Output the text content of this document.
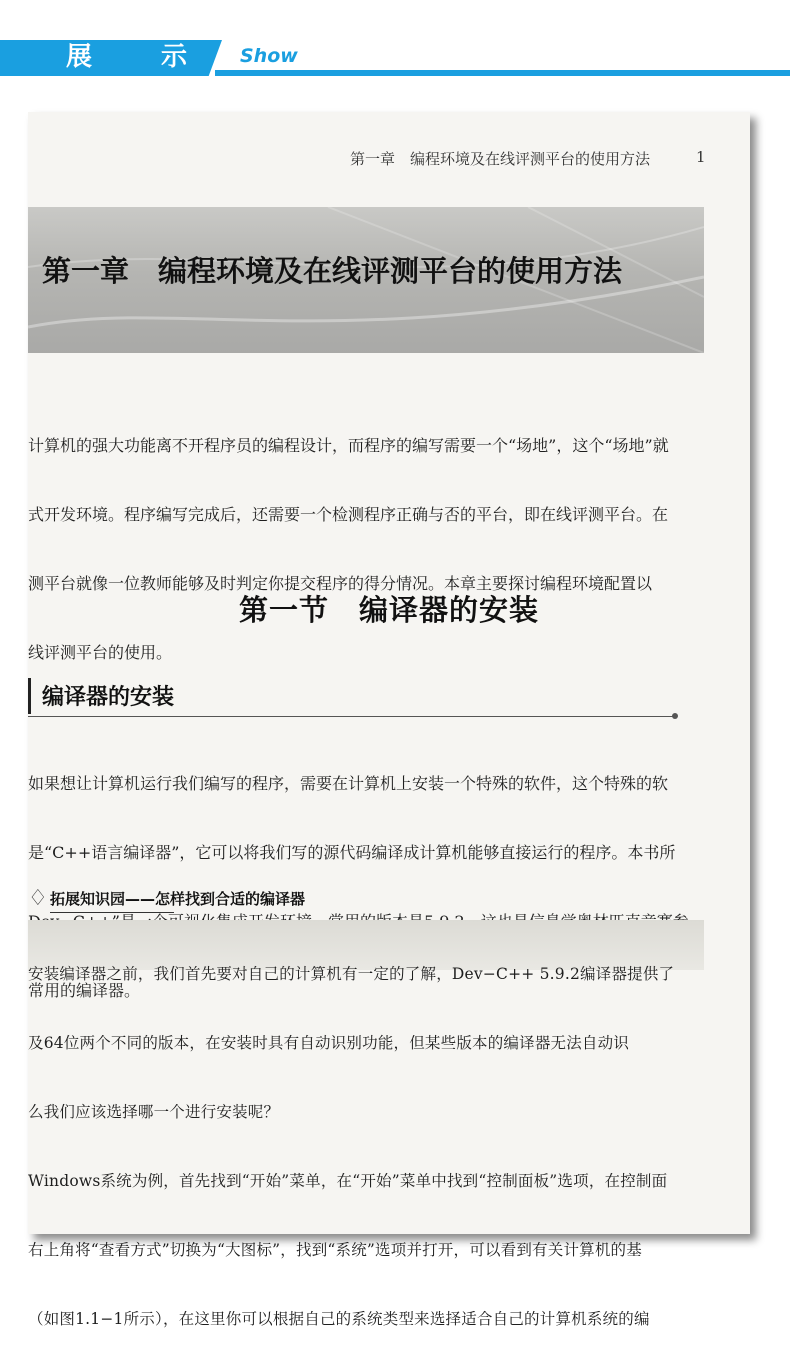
展 示 Show
第一章　编程环境及在线评测平台的使用方法	1
第一章　编程环境及在线评测平台的使用方法

计算机的强大功能离不开程序员的编程设计，而程序的编写需要一个“场地”，这个“场地”就

式开发环境。程序编写完成后，还需要一个检测程序正确与否的平台，即在线评测平台。在

测平台就像一位教师能够及时判定你提交程序的得分情况。本章主要探讨编程环境配置以

线评测平台的使用。

第一节　编译器的安装
编译器的安装

如果想让计算机运行我们编写的程序，需要在计算机上安装一个特殊的软件，这个特殊的软

是“C++语言编译器”，它可以将我们写的源代码编译成计算机能够直接运行的程序。本书所

常用的编译器。

♢ 拓展知识园——怎样找到合适的编译器

安装编译器之前，我们首先要对自己的计算机有一定的了解，Dev−C++ 5.9.2编译器提供了

及64位两个不同的版本，在安装时具有自动识别功能，但某些版本的编译器无法自动识

么我们应该选择哪一个进行安装呢？

Windows系统为例，首先找到“开始”菜单，在“开始”菜单中找到“控制面板”选项，在控制面

右上角将“查看方式”切换为“大图标”，找到“系统”选项并打开，可以看到有关计算机的基

（如图1.1−1所示），在这里你可以根据自己的系统类型来选择适合自己的计算机系统的编
